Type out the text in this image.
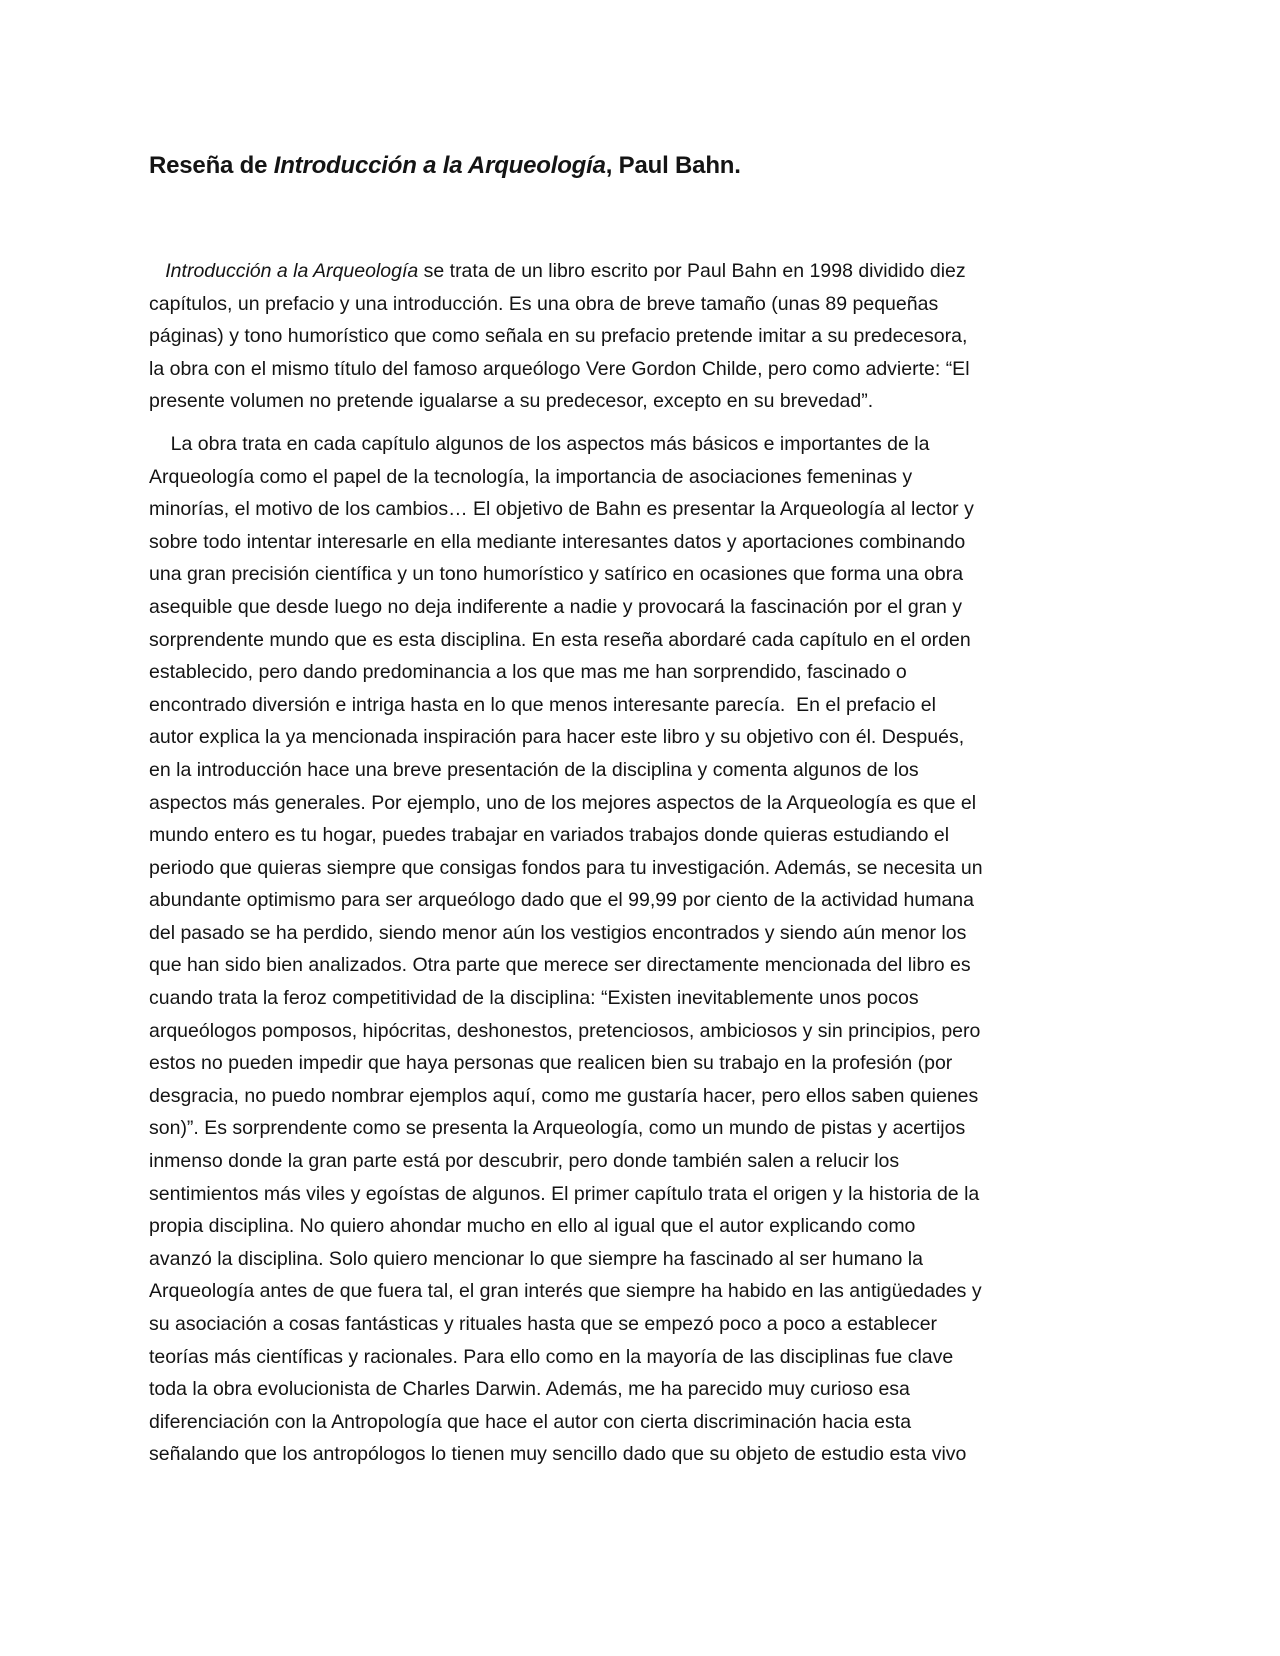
Reseña de Introducción a la Arqueología, Paul Bahn.
Introducción a la Arqueología se trata de un libro escrito por Paul Bahn en 1998 dividido diez
capítulos, un prefacio y una introducción. Es una obra de breve tamaño (unas 89 pequeñas
páginas) y tono humorístico que como señala en su prefacio pretende imitar a su predecesora,
la obra con el mismo título del famoso arqueólogo Vere Gordon Childe, pero como advierte: “El
presente volumen no pretende igualarse a su predecesor, excepto en su brevedad”.
La obra trata en cada capítulo algunos de los aspectos más básicos e importantes de la
Arqueología como el papel de la tecnología, la importancia de asociaciones femeninas y
minorías, el motivo de los cambios… El objetivo de Bahn es presentar la Arqueología al lector y
sobre todo intentar interesarle en ella mediante interesantes datos y aportaciones combinando
una gran precisión científica y un tono humorístico y satírico en ocasiones que forma una obra
asequible que desde luego no deja indiferente a nadie y provocará la fascinación por el gran y
sorprendente mundo que es esta disciplina. En esta reseña abordaré cada capítulo en el orden
establecido, pero dando predominancia a los que mas me han sorprendido, fascinado o
encontrado diversión e intriga hasta en lo que menos interesante parecía.  En el prefacio el
autor explica la ya mencionada inspiración para hacer este libro y su objetivo con él. Después,
en la introducción hace una breve presentación de la disciplina y comenta algunos de los
aspectos más generales. Por ejemplo, uno de los mejores aspectos de la Arqueología es que el
mundo entero es tu hogar, puedes trabajar en variados trabajos donde quieras estudiando el
periodo que quieras siempre que consigas fondos para tu investigación. Además, se necesita un
abundante optimismo para ser arqueólogo dado que el 99,99 por ciento de la actividad humana
del pasado se ha perdido, siendo menor aún los vestigios encontrados y siendo aún menor los
que han sido bien analizados. Otra parte que merece ser directamente mencionada del libro es
cuando trata la feroz competitividad de la disciplina: “Existen inevitablemente unos pocos
arqueólogos pomposos, hipócritas, deshonestos, pretenciosos, ambiciosos y sin principios, pero
estos no pueden impedir que haya personas que realicen bien su trabajo en la profesión (por
desgracia, no puedo nombrar ejemplos aquí, como me gustaría hacer, pero ellos saben quienes
son)”. Es sorprendente como se presenta la Arqueología, como un mundo de pistas y acertijos
inmenso donde la gran parte está por descubrir, pero donde también salen a relucir los
sentimientos más viles y egoístas de algunos. El primer capítulo trata el origen y la historia de la
propia disciplina. No quiero ahondar mucho en ello al igual que el autor explicando como
avanzó la disciplina. Solo quiero mencionar lo que siempre ha fascinado al ser humano la
Arqueología antes de que fuera tal, el gran interés que siempre ha habido en las antigüedades y
su asociación a cosas fantásticas y rituales hasta que se empezó poco a poco a establecer
teorías más científicas y racionales. Para ello como en la mayoría de las disciplinas fue clave
toda la obra evolucionista de Charles Darwin. Además, me ha parecido muy curioso esa
diferenciación con la Antropología que hace el autor con cierta discriminación hacia esta
señalando que los antropólogos lo tienen muy sencillo dado que su objeto de estudio esta vivo
